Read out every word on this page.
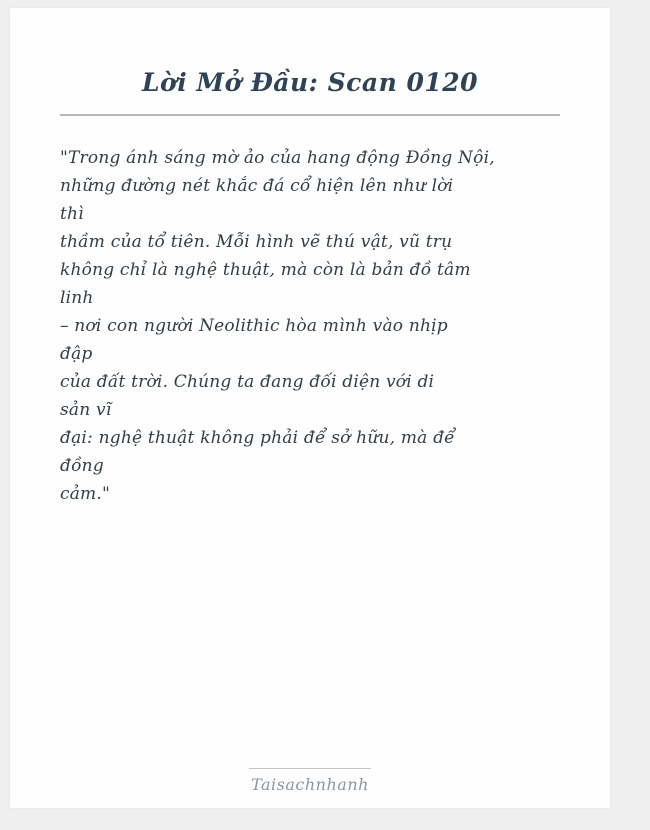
Lời Mở Đầu: Scan 0120
"Trong ánh sáng mờ ảo của hang động Đồng Nội,
những đường nét khắc đá cổ hiện lên như lời
thì
thầm của tổ tiên. Mỗi hình vẽ thú vật, vũ trụ
không chỉ là nghệ thuật, mà còn là bản đồ tâm
linh
– nơi con người Neolithic hòa mình vào nhịp
đập
của đất trời. Chúng ta đang đối diện với di
sản vĩ
đại: nghệ thuật không phải để sở hữu, mà để
đồng
cảm."
Taisachnhanh
